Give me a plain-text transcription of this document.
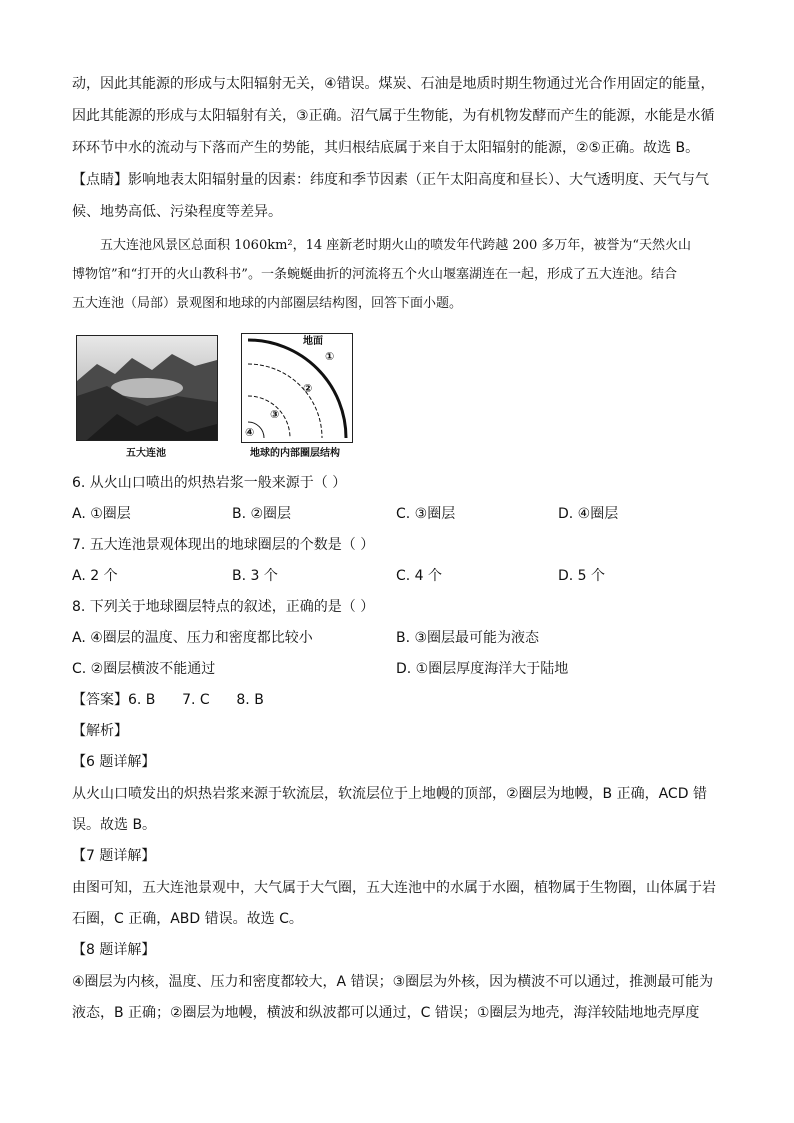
动，因此其能源的形成与太阳辐射无关，④错误。煤炭、石油是地质时期生物通过光合作用固定的能量，
因此其能源的形成与太阳辐射有关，③正确。沼气属于生物能，为有机物发酵而产生的能源，水能是水循
环环节中水的流动与下落而产生的势能，其归根结底属于来自于太阳辐射的能源，②⑤正确。故选 B。
【点睛】影响地表太阳辐射量的因素：纬度和季节因素（正午太阳高度和昼长）、大气透明度、天气与气
候、地势高低、污染程度等差异。
五大连池风景区总面积 1060km²，14 座新老时期火山的喷发年代跨越 200 多万年，被誉为“天然火山
博物馆”和“打开的火山教科书”。一条蜿蜒曲折的河流将五个火山堰塞湖连在一起，形成了五大连池。结合
五大连池（局部）景观图和地球的内部圈层结构图，回答下面小题。
五大连池
地面
①
②
③
④
地球的内部圈层结构
6. 从火山口喷出的炽热岩浆一般来源于（ ）
A. ①圈层	B. ②圈层	C. ③圈层	D. ④圈层
7. 五大连池景观体现出的地球圈层的个数是（ ）
A. 2 个	B. 3 个	C. 4 个	D. 5 个
8. 下列关于地球圈层特点的叙述，正确的是（ ）
A. ④圈层的温度、压力和密度都比较小	B. ③圈层最可能为液态
C. ②圈层横波不能通过	D. ①圈层厚度海洋大于陆地
【答案】6. B      7. C      8. B
【解析】
【6 题详解】
从火山口喷发出的炽热岩浆来源于软流层，软流层位于上地幔的顶部，②圈层为地幔，B 正确，ACD 错
误。故选 B。
【7 题详解】
由图可知，五大连池景观中，大气属于大气圈，五大连池中的水属于水圈，植物属于生物圈，山体属于岩
石圈，C 正确，ABD 错误。故选 C。
【8 题详解】
④圈层为内核，温度、压力和密度都较大，A 错误；③圈层为外核，因为横波不可以通过，推测最可能为
液态，B 正确；②圈层为地幔，横波和纵波都可以通过，C 错误；①圈层为地壳，海洋较陆地地壳厚度
